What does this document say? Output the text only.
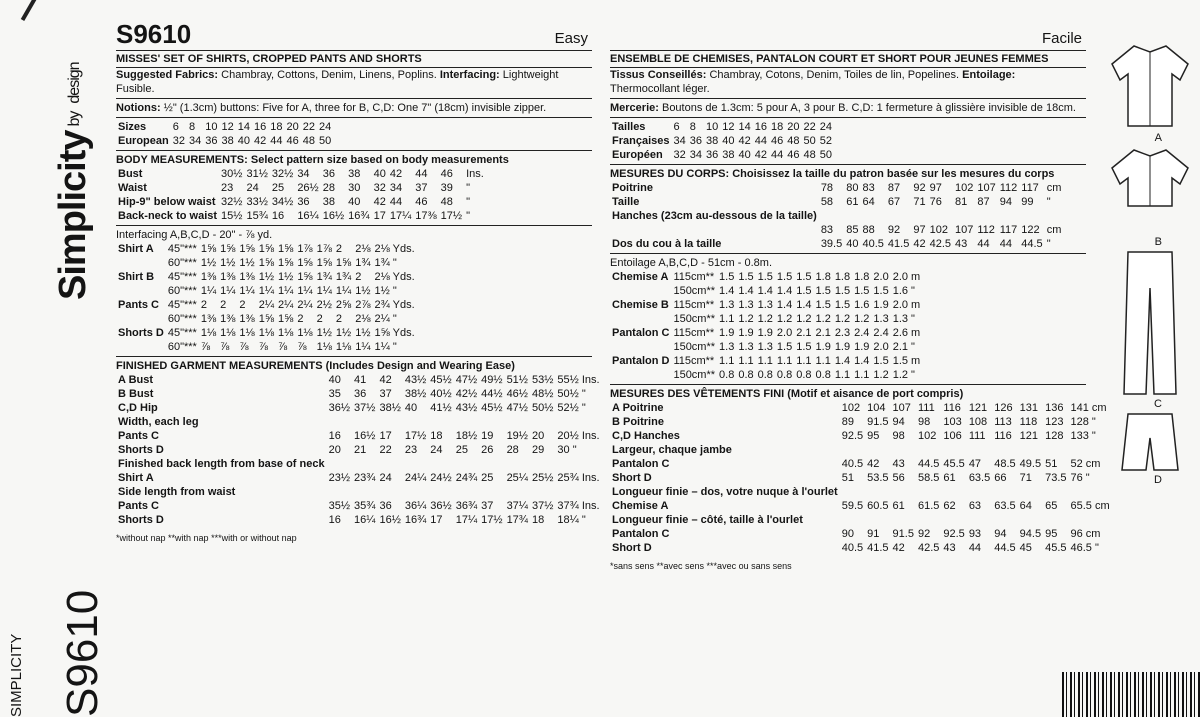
Simplicitybydesign
S9610
SIMPLICITY
S9610	Easy
MISSES' SET OF SHIRTS, CROPPED PANTS AND SHORTS
Suggested Fabrics: Chambray, Cottons, Denim, Linens, Poplins. Interfacing: Lightweight Fusible.
Notions: ½" (1.3cm) buttons: Five for A, three for B, C,D: One 7" (18cm) invisible zipper.
Sizes	6	8	10	12	14	16	18	20	22	24
European	32	34	36	38	40	42	44	46	48	50
BODY MEASUREMENTS: Select pattern size based on body measurements
Bust	30½	31½	32½	34	36	38	40	42	44	46	Ins.
Waist	23	24	25	26½	28	30	32	34	37	39	"
Hip-9" below waist	32½	33½	34½	36	38	40	42	44	46	48	"
Back-neck to waist	15½	15¾	16	16¼	16½	16¾	17	17¼	17⅜	17½	"
Interfacing A,B,C,D - 20" - ⅞ yd.
Shirt A	45"***	1⅝	1⅝	1⅝	1⅝	1⅝	1⅞	1⅞	2	2⅛	2⅛ Yds.
	60"***	1½	1½	1½	1⅝	1⅝	1⅝	1⅝	1⅝	1¾	1¾ "
Shirt B	45"***	1⅜	1⅜	1⅜	1½	1½	1⅝	1¾	1¾	2	2⅛ Yds.
	60"***	1¼	1¼	1¼	1¼	1¼	1¼	1¼	1¼	1½	1½ "
Pants C	45"***	2	2	2	2¼	2¼	2¼	2½	2⅝	2⅞	2¾ Yds.
	60"***	1⅜	1⅜	1⅜	1⅝	1⅝	2	2	2	2⅛	2¼ "
Shorts D	45"***	1⅛	1⅛	1⅛	1⅛	1⅛	1⅛	1½	1½	1½	1⅝ Yds.
	60"***	⅞	⅞	⅞	⅞	⅞	⅞	1⅛	1⅛	1¼	1¼ "
FINISHED GARMENT MEASUREMENTS (Includes Design and Wearing Ease)
A Bust	40	41	42	43½	45½	47½	49½	51½	53½	55½ Ins.
B Bust	35	36	37	38½	40½	42½	44½	46½	48½	50½ "
C,D Hip	36½	37½	38½	40	41½	43½	45½	47½	50½	52½ "
Width, each leg										
Pants C	16	16½	17	17½	18	18½	19	19½	20	20½ Ins.
Shorts D	20	21	22	23	24	25	26	28	29	30 "
Finished back length from base of neck										
Shirt A	23½	23¾	24	24¼	24½	24¾	25	25¼	25½	25¾ Ins.
Side length from waist										
Pants C	35½	35¾	36	36¼	36½	36¾	37	37¼	37½	37¾ Ins.
Shorts D	16	16¼	16½	16¾	17	17¼	17½	17¾	18	18¼ "
*without nap **with nap ***with or without nap
Facile
ENSEMBLE DE CHEMISES, PANTALON COURT ET SHORT POUR JEUNES FEMMES
Tissus Conseillés: Chambray, Cotons, Denim, Toiles de lin, Popelines. Entoilage: Thermocollant léger.
Mercerie: Boutons de 1.3cm: 5 pour A, 3 pour B. C,D: 1 fermeture à glissière invisible de 18cm.
Tailles	6	8	10	12	14	16	18	20	22	24
Françaises	34	36	38	40	42	44	46	48	50	52
Européen	32	34	36	38	40	42	44	46	48	50
MESURES DU CORPS: Choisissez la taille du patron basée sur les mesures du corps
Poitrine	78	80	83	87	92	97	102	107	112	117	cm
Taille	58	61	64	67	71	76	81	87	94	99	"
Hanches (23cm au-dessous de la taille)											
	83	85	88	92	97	102	107	112	117	122	cm
Dos du cou à la taille	39.5	40	40.5	41.5	42	42.5	43	44	44	44.5	"
Entoilage A,B,C,D - 51cm - 0.8m.
Chemise A	115cm**	1.5	1.5	1.5	1.5	1.5	1.8	1.8	1.8	2.0	2.0 m
	150cm**	1.4	1.4	1.4	1.4	1.5	1.5	1.5	1.5	1.5	1.6 "
Chemise B	115cm**	1.3	1.3	1.3	1.4	1.4	1.5	1.5	1.6	1.9	2.0 m
	150cm**	1.1	1.2	1.2	1.2	1.2	1.2	1.2	1.2	1.3	1.3 "
Pantalon C	115cm**	1.9	1.9	1.9	2.0	2.1	2.1	2.3	2.4	2.4	2.6 m
	150cm**	1.3	1.3	1.3	1.5	1.5	1.9	1.9	1.9	2.0	2.1 "
Pantalon D	115cm**	1.1	1.1	1.1	1.1	1.1	1.1	1.4	1.4	1.5	1.5 m
	150cm**	0.8	0.8	0.8	0.8	0.8	0.8	1.1	1.1	1.2	1.2 "
MESURES DES VÊTEMENTS FINI (Motif et aisance de port compris)
A Poitrine	102	104	107	111	116	121	126	131	136	141 cm
B Poitrine	89	91.5	94	98	103	108	113	118	123	128 "
C,D Hanches	92.5	95	98	102	106	111	116	121	128	133 "
Largeur, chaque jambe										
Pantalon C	40.5	42	43	44.5	45.5	47	48.5	49.5	51	52 cm
Short D	51	53.5	56	58.5	61	63.5	66	71	73.5	76 "
Longueur finie – dos, votre nuque à l'ourlet										
Chemise A	59.5	60.5	61	61.5	62	63	63.5	64	65	65.5 cm
Longueur finie – côté, taille à l'ourlet										
Pantalon C	90	91	91.5	92	92.5	93	94	94.5	95	96 cm
Short D	40.5	41.5	42	42.5	43	44	44.5	45	45.5	46.5 "
*sans sens **avec sens ***avec ou sans sens
A
B
C
D
